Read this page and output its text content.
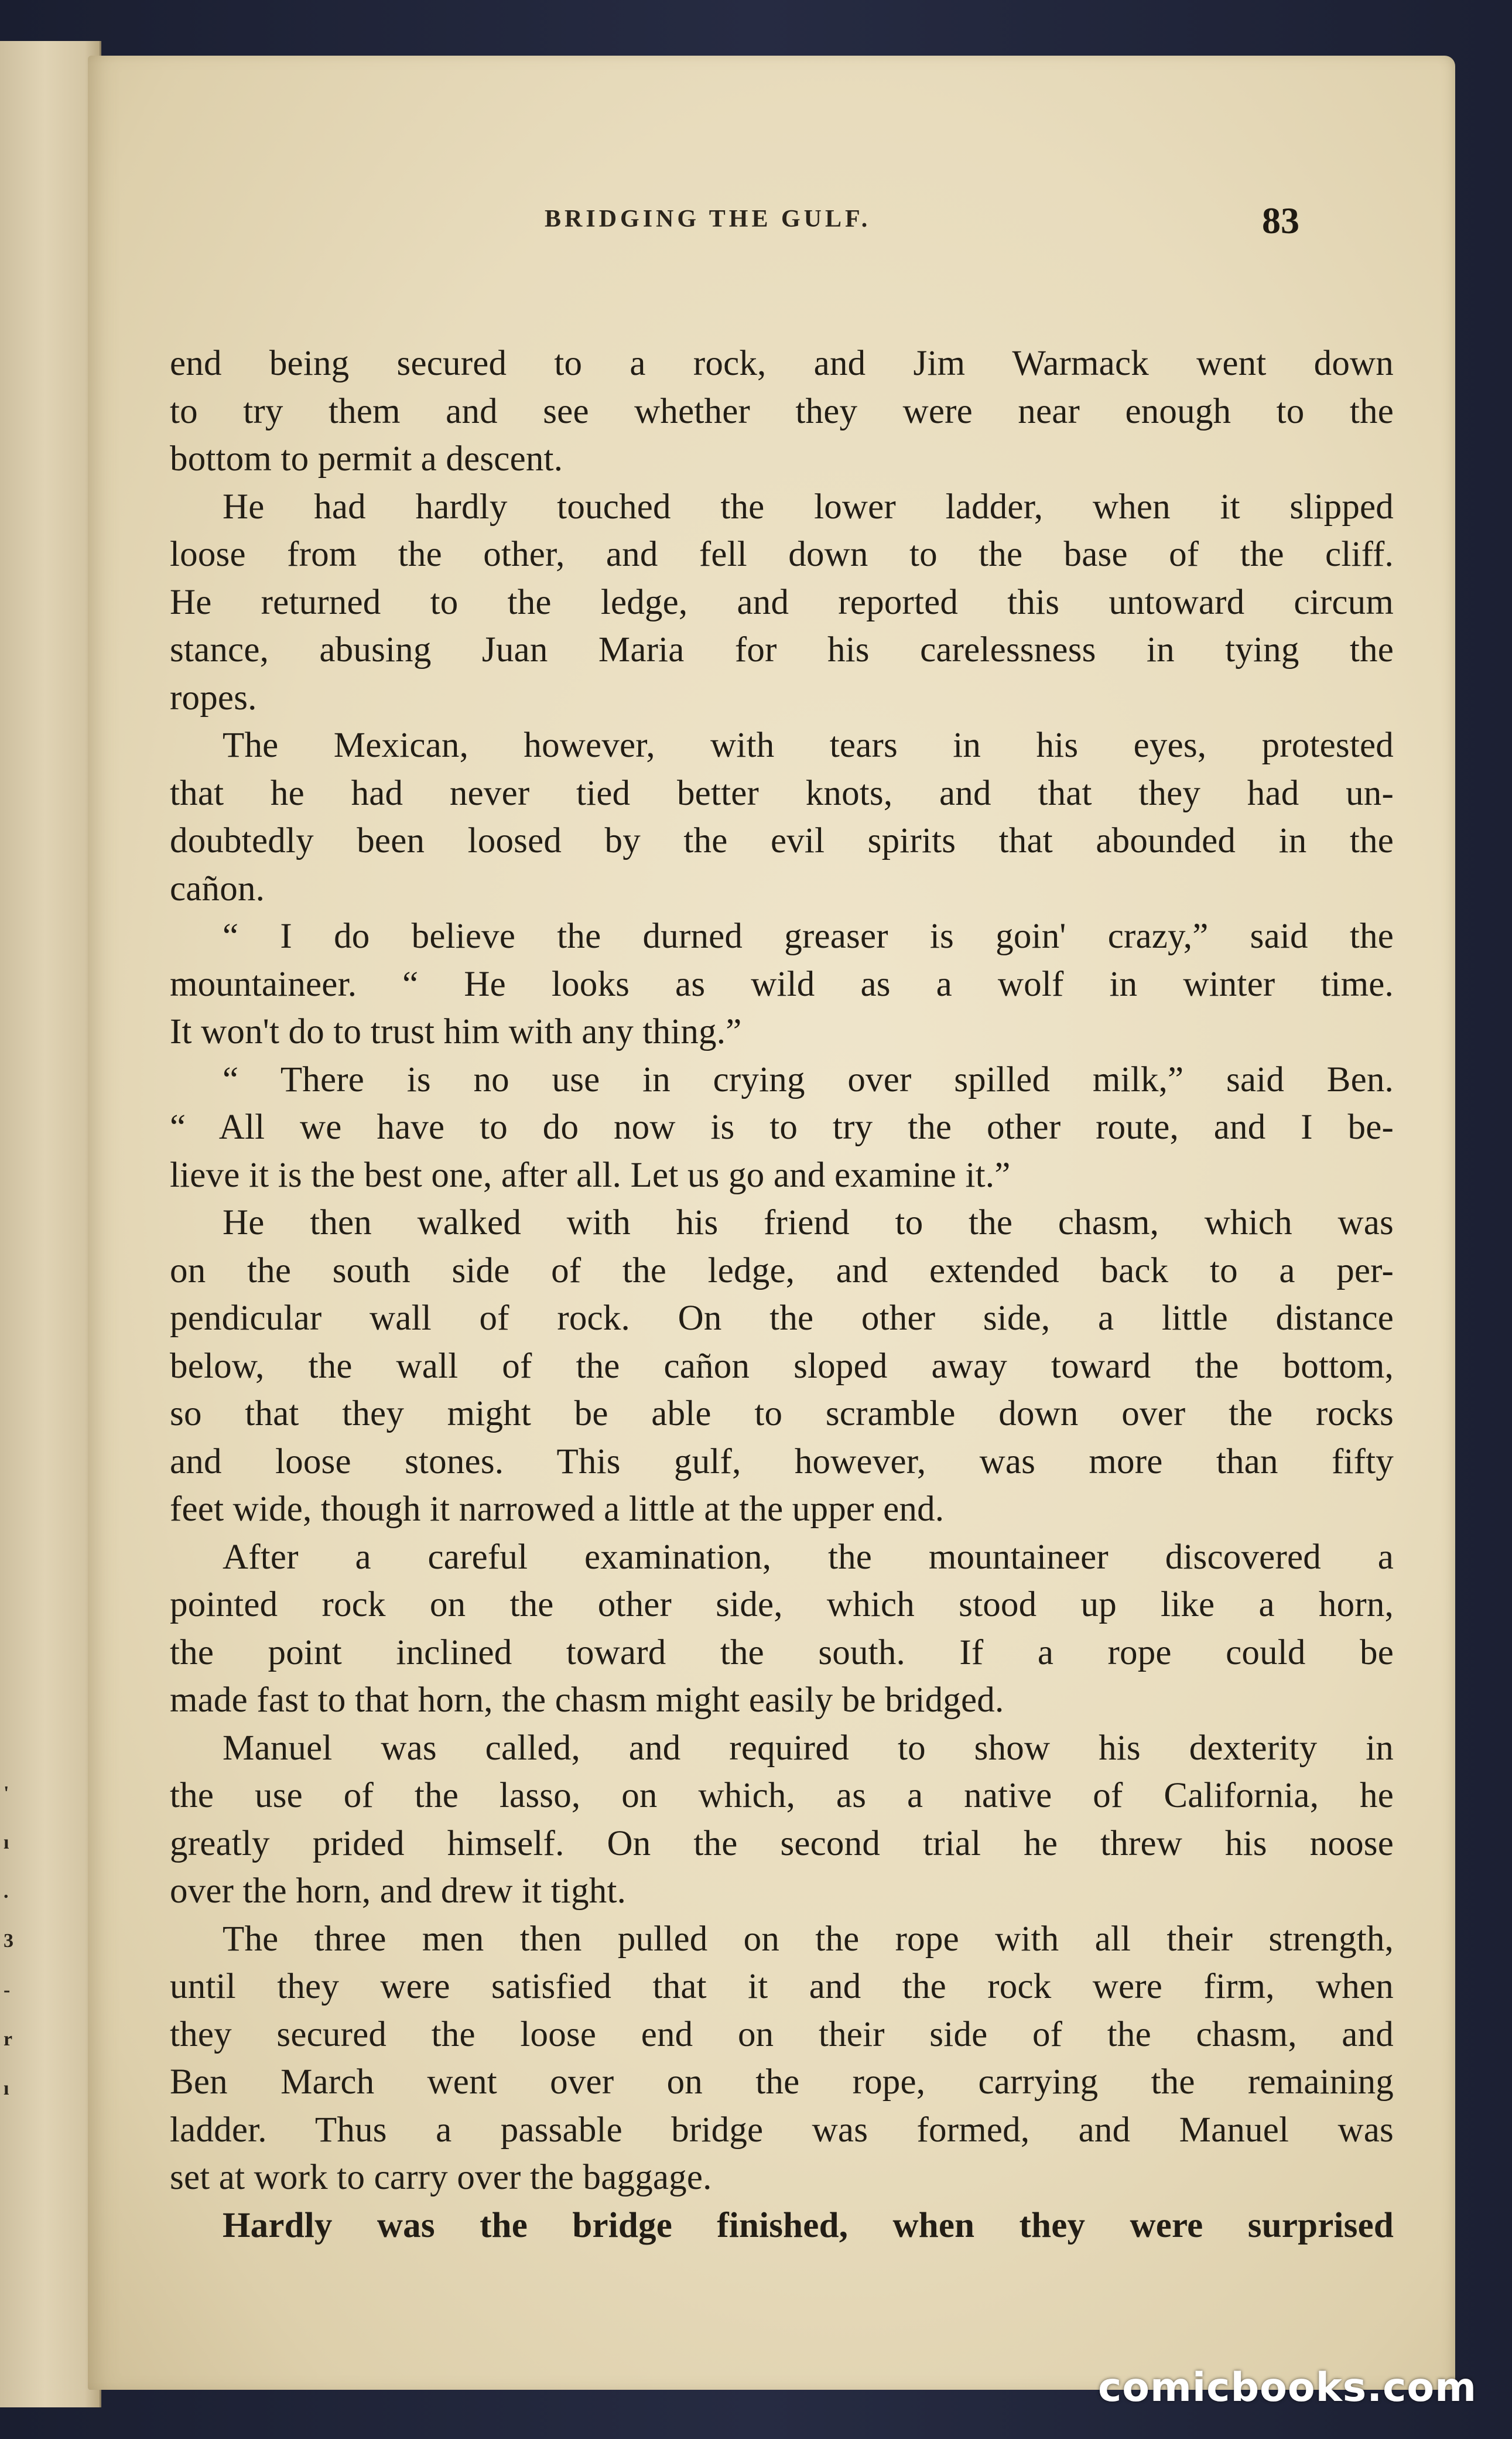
'
ı
.
3
-
r
ı
BRIDGING THE GULF.	83
end being secured to a rock, and Jim Warmack went down
to try them and see whether they were near enough to the
bottom to permit a descent.
He had hardly touched the lower ladder, when it slipped
loose from the other, and fell down to the base of the cliff.
He returned to the ledge, and reported this untoward circum
stance, abusing Juan Maria for his carelessness in tying the
ropes.
The Mexican, however, with tears in his eyes, protested
that he had never tied better knots, and that they had un-
doubtedly been loosed by the evil spirits that abounded in the
cañon.
“ I do believe the durned greaser is goin' crazy,” said the
mountaineer. “ He looks as wild as a wolf in winter time.
It won't do to trust him with any thing.”
“ There is no use in crying over spilled milk,” said Ben.
“ All we have to do now is to try the other route, and I be-
lieve it is the best one, after all. Let us go and examine it.”
He then walked with his friend to the chasm, which was
on the south side of the ledge, and extended back to a per-
pendicular wall of rock. On the other side, a little distance
below, the wall of the cañon sloped away toward the bottom,
so that they might be able to scramble down over the rocks
and loose stones. This gulf, however, was more than fifty
feet wide, though it narrowed a little at the upper end.
After a careful examination, the mountaineer discovered a
pointed rock on the other side, which stood up like a horn,
the point inclined toward the south. If a rope could be
made fast to that horn, the chasm might easily be bridged.
Manuel was called, and required to show his dexterity in
the use of the lasso, on which, as a native of California, he
greatly prided himself. On the second trial he threw his noose
over the horn, and drew it tight.
The three men then pulled on the rope with all their strength,
until they were satisfied that it and the rock were firm, when
they secured the loose end on their side of the chasm, and
Ben March went over on the rope, carrying the remaining
ladder. Thus a passable bridge was formed, and Manuel was
set at work to carry over the baggage.
Hardly was the bridge finished, when they were surprised
comicbooks.com
